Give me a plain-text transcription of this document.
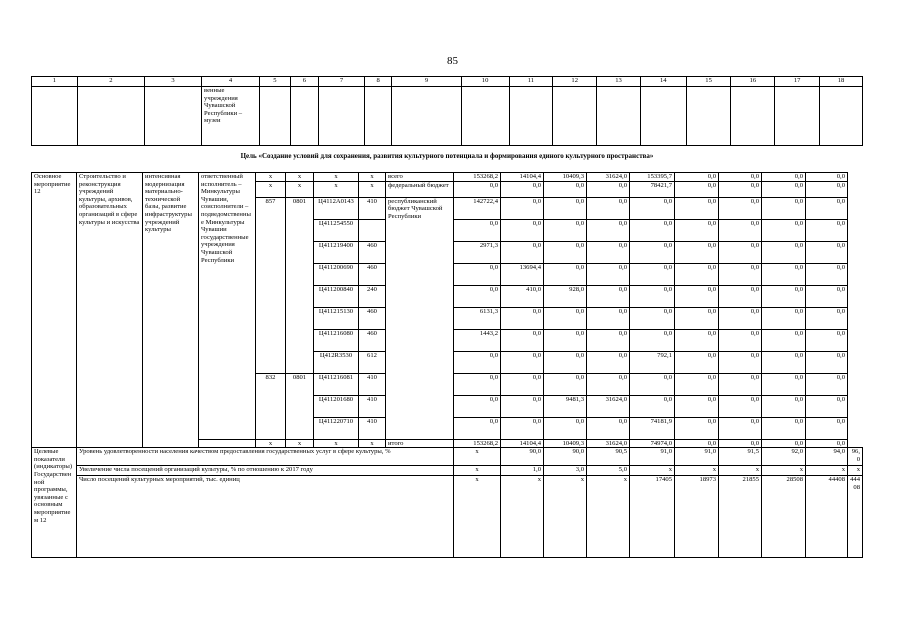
85
1	2	3	4	5	6	7	8	9	10	11	12	13	14	15	16	17	18
			венные учреждения Чувашской Республики – музеи														
Цель «Создание условий для сохранения, развития культурного потенциала и формирования единого культурного пространства»
Основное мероприятие 12	Строительство и реконструкция учреждений культуры, архивов, образовательных организаций в сфере культуры и искусства	интенсивная модернизация материально-технической базы, развитие инфраструктуры учреждений культуры	ответственный исполнитель – Минкультуры Чувашии, соисполнители – подведомственные Минкультуры Чувашии государственные учреждения Чувашской Республики	x	x	x	x	всего	153268,2	14104,4	10409,3	31624,0	153395,7	0,0	0,0	0,0	0,0	
				x	x	x	x	федеральный бюджет	0,0	0,0	0,0	0,0	78421,7	0,0	0,0	0,0	0,0	
				857	0801	Ц4112А0143	410	республиканский бюджет Чувашской Республики	142722,4	0,0	0,0	0,0	0,0	0,0	0,0	0,0	0,0	
						Ц411254550			0,0	0,0	0,0	0,0	0,0	0,0	0,0	0,0	0,0	
						Ц411219400	460		2971,3	0,0	0,0	0,0	0,0	0,0	0,0	0,0	0,0	
						Ц411200690	460		0,0	13694,4	0,0	0,0	0,0	0,0	0,0	0,0	0,0	
						Ц411200840	240		0,0	410,0	928,0	0,0	0,0	0,0	0,0	0,0	0,0	
						Ц411215130	460		6131,3	0,0	0,0	0,0	0,0	0,0	0,0	0,0	0,0	
						Ц411216080	460		1443,2	0,0	0,0	0,0	0,0	0,0	0,0	0,0	0,0	
						Ц412R3530	612		0,0	0,0	0,0	0,0	792,1	0,0	0,0	0,0	0,0	
				832	0801	Ц411216081	410		0,0	0,0	0,0	0,0	0,0	0,0	0,0	0,0	0,0	
						Ц411201680	410		0,0	0,0	9481,3	31624,0	0,0	0,0	0,0	0,0	0,0	
						Ц411220710	410		0,0	0,0	0,0	0,0	74181,9	0,0	0,0	0,0	0,0	
				x	x	x	x	итого	153268,2	14104,4	10409,3	31624,0	74974,0	0,0	0,0	0,0	0,0	
Целевые показатели (индикаторы) Государственной программы, увязанные с основным мероприятием 12	Уровень удовлетворенности населения качеством предоставления государственных услуг в сфере культуры, %								x	90,0	90,0	90,5	91,0	91,0	91,5	92,0	94,0	96,0
	Увеличение числа посещений организаций культуры, % по отношению к 2017 году								x	1,0	3,0	5,0	x	x	x	x	x	x
	Число посещений культурных мероприятий, тыс. единиц								x	x	x	x	17405	18973	21855	28508	44408	44408
